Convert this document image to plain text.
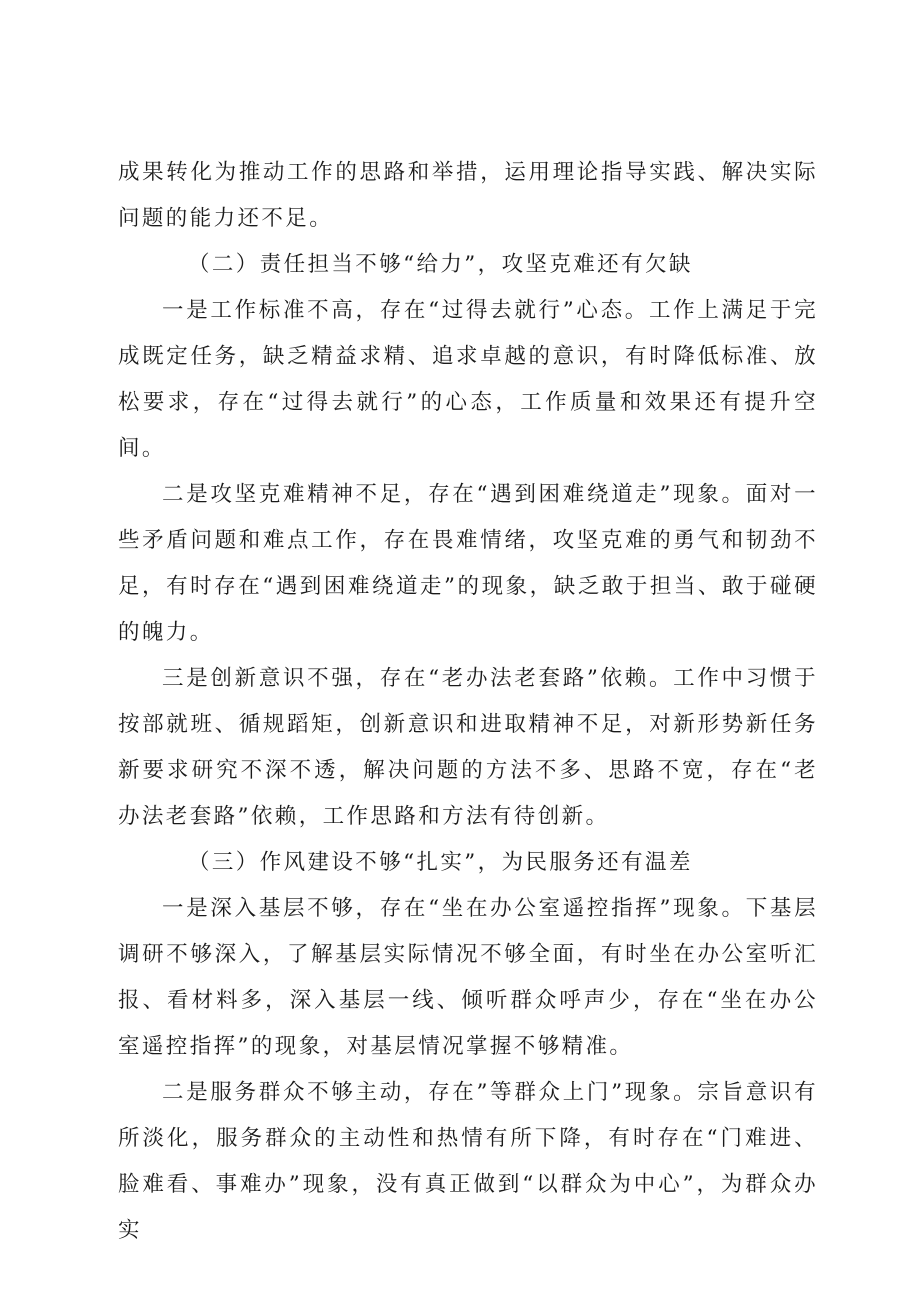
成果转化为推动工作的思路和举措，运用理论指导实践、解决实际问题的能力还不足。

（二）责任担当不够“给力”，攻坚克难还有欠缺

一是工作标准不高，存在“过得去就行”心态。工作上满足于完成既定任务，缺乏精益求精、追求卓越的意识，有时降低标准、放松要求，存在“过得去就行”的心态，工作质量和效果还有提升空间。

二是攻坚克难精神不足，存在“遇到困难绕道走”现象。面对一些矛盾问题和难点工作，存在畏难情绪，攻坚克难的勇气和韧劲不足，有时存在“遇到困难绕道走”的现象，缺乏敢于担当、敢于碰硬的魄力。

三是创新意识不强，存在“老办法老套路”依赖。工作中习惯于按部就班、循规蹈矩，创新意识和进取精神不足，对新形势新任务新要求研究不深不透，解决问题的方法不多、思路不宽，存在“老办法老套路”依赖，工作思路和方法有待创新。

（三）作风建设不够“扎实”，为民服务还有温差

一是深入基层不够，存在“坐在办公室遥控指挥”现象。下基层调研不够深入，了解基层实际情况不够全面，有时坐在办公室听汇报、看材料多，深入基层一线、倾听群众呼声少，存在“坐在办公室遥控指挥”的现象，对基层情况掌握不够精准。

二是服务群众不够主动，存在”等群众上门”现象。宗旨意识有所淡化，服务群众的主动性和热情有所下降，有时存在“门难进、脸难看、事难办”现象，没有真正做到“以群众为中心”，为群众办实
